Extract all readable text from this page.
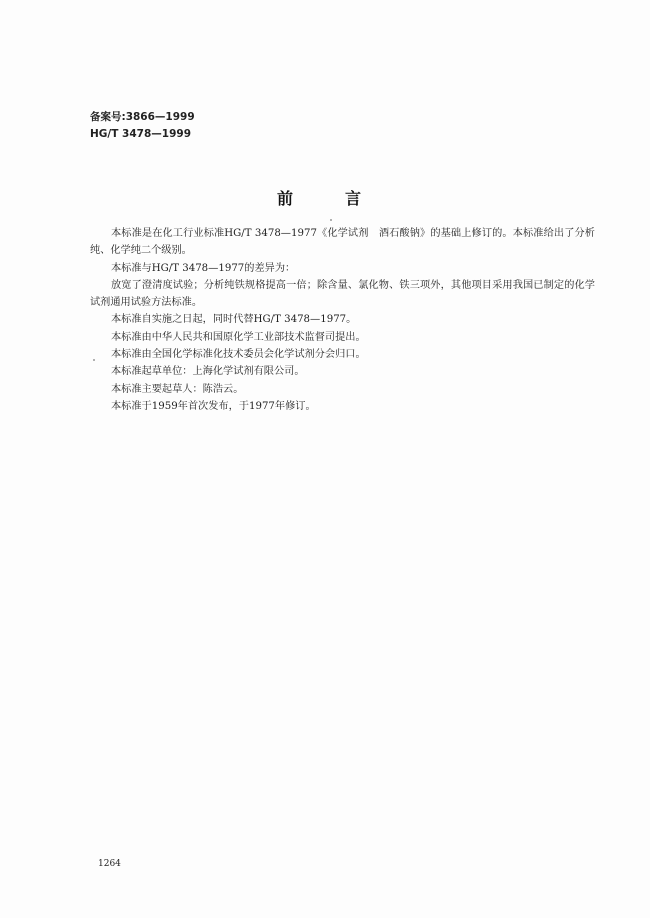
备案号:3866—1999
HG/T 3478—1999
前言

本标准是在化工行业标准HG/T 3478—1977《化学试剂　酒石酸钠》的基础上修订的。本标准给出了分析纯、化学纯二个级别。

本标准与HG/T 3478—1977的差异为：

放宽了澄清度试验；分析纯铁规格提高一倍；除含量、氯化物、铁三项外，其他项目采用我国已制定的化学试剂通用试验方法标准。

本标准自实施之日起，同时代替HG/T 3478—1977。

本标准由中华人民共和国原化学工业部技术监督司提出。

本标准由全国化学标准化技术委员会化学试剂分会归口。

本标准起草单位：上海化学试剂有限公司。

本标准主要起草人：陈浩云。

本标准于1959年首次发布，于1977年修订。

1264
